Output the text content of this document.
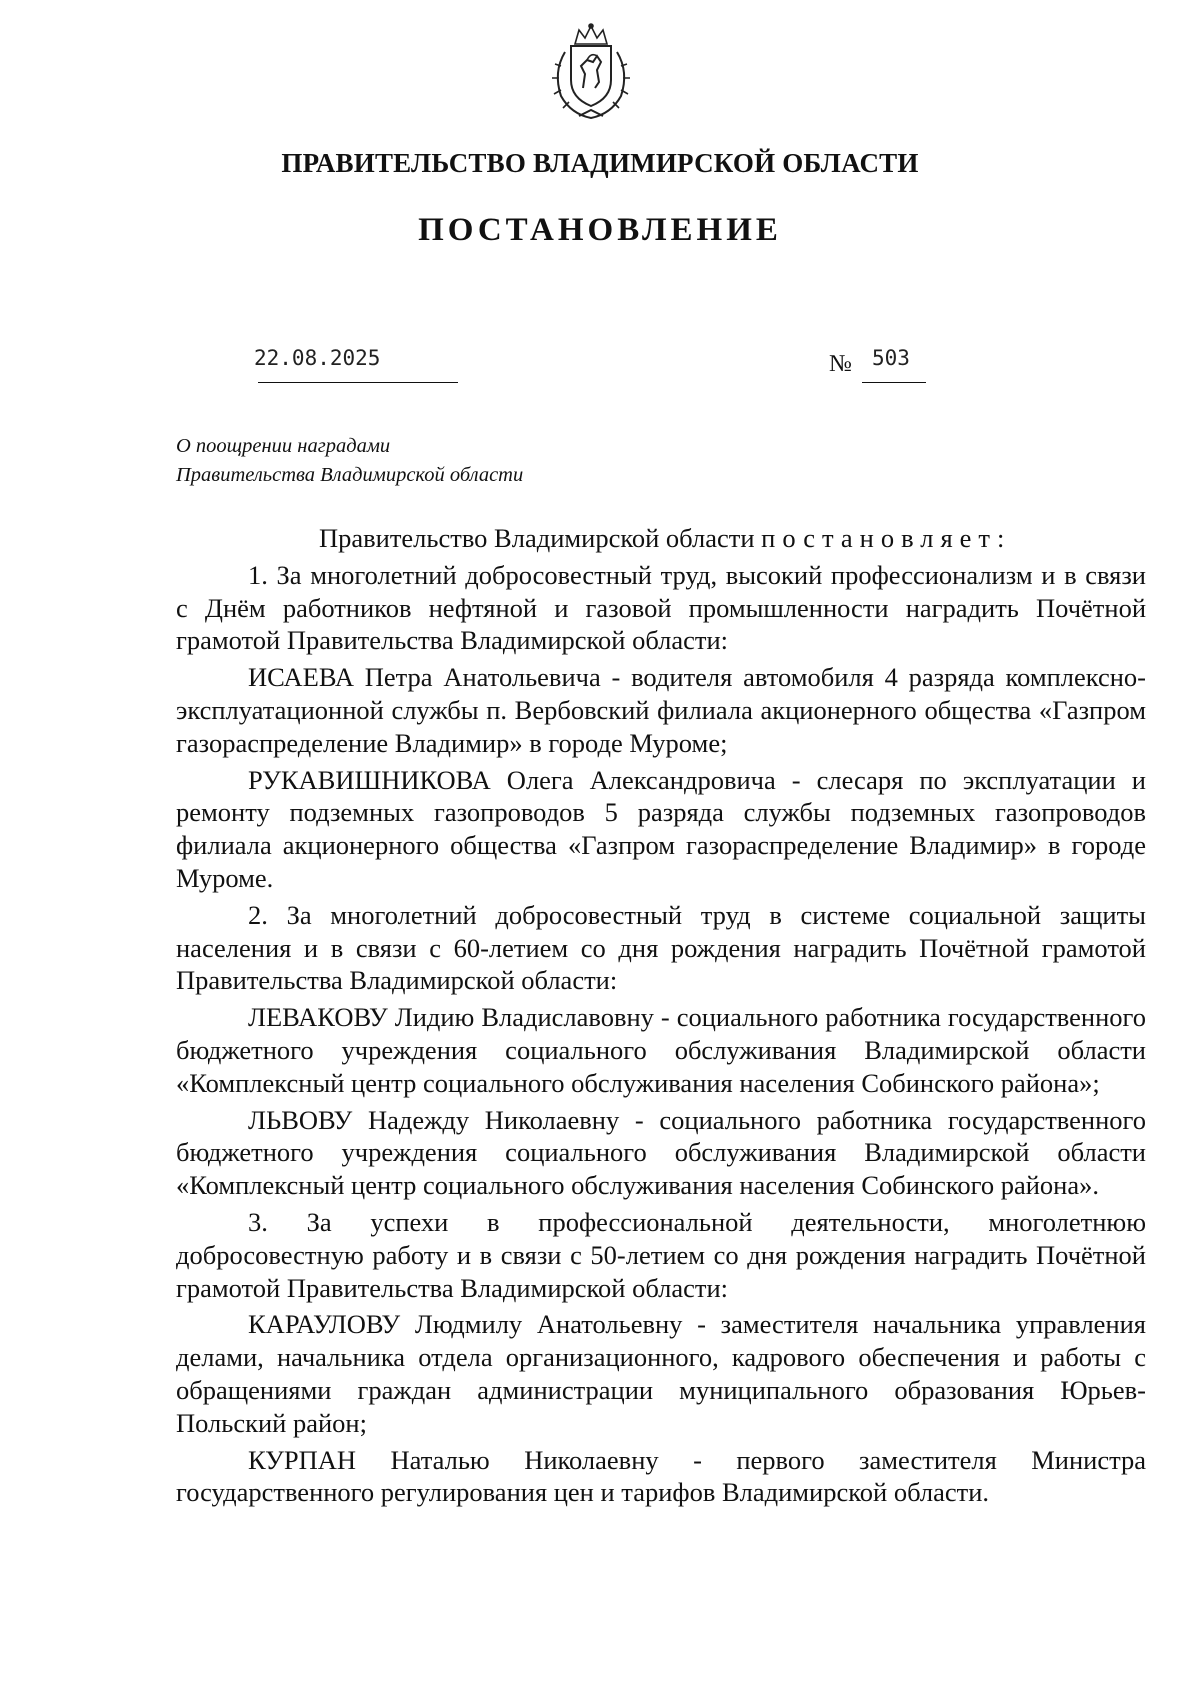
ПРАВИТЕЛЬСТВО ВЛАДИМИРСКОЙ ОБЛАСТИ
ПОСТАНОВЛЕНИЕ
22.08.2025	№ 503
О поощрении наградами
Правительства Владимирской области

Правительство Владимирской области постановляет:

1. За многолетний добросовестный труд, высокий профессионализм и в связи с Днём работников нефтяной и газовой промышленности наградить Почётной грамотой Правительства Владимирской области:

ИСАЕВА Петра Анатольевича - водителя автомобиля 4 разряда комплексно-эксплуатационной службы п. Вербовский филиала акционерного общества «Газпром газораспределение Владимир» в городе Муроме;

РУКАВИШНИКОВА Олега Александровича - слесаря по эксплуатации и ремонту подземных газопроводов 5 разряда службы подземных газопроводов филиала акционерного общества «Газпром газораспределение Владимир» в городе Муроме.

2. За многолетний добросовестный труд в системе социальной защиты населения и в связи с 60-летием со дня рождения наградить Почётной грамотой Правительства Владимирской области:

ЛЕВАКОВУ Лидию Владиславовну - социального работника государственного бюджетного учреждения социального обслуживания Владимирской области «Комплексный центр социального обслуживания населения Собинского района»;

ЛЬВОВУ Надежду Николаевну - социального работника государственного бюджетного учреждения социального обслуживания Владимирской области «Комплексный центр социального обслуживания населения Собинского района».

3. За успехи в профессиональной деятельности, многолетнюю добросовестную работу и в связи с 50-летием со дня рождения наградить Почётной грамотой Правительства Владимирской области:

КАРАУЛОВУ Людмилу Анатольевну - заместителя начальника управления делами, начальника отдела организационного, кадрового обеспечения и работы с обращениями граждан администрации муниципального образования Юрьев-Польский район;

КУРПАН Наталью Николаевну - первого заместителя Министра государственного регулирования цен и тарифов Владимирской области.
